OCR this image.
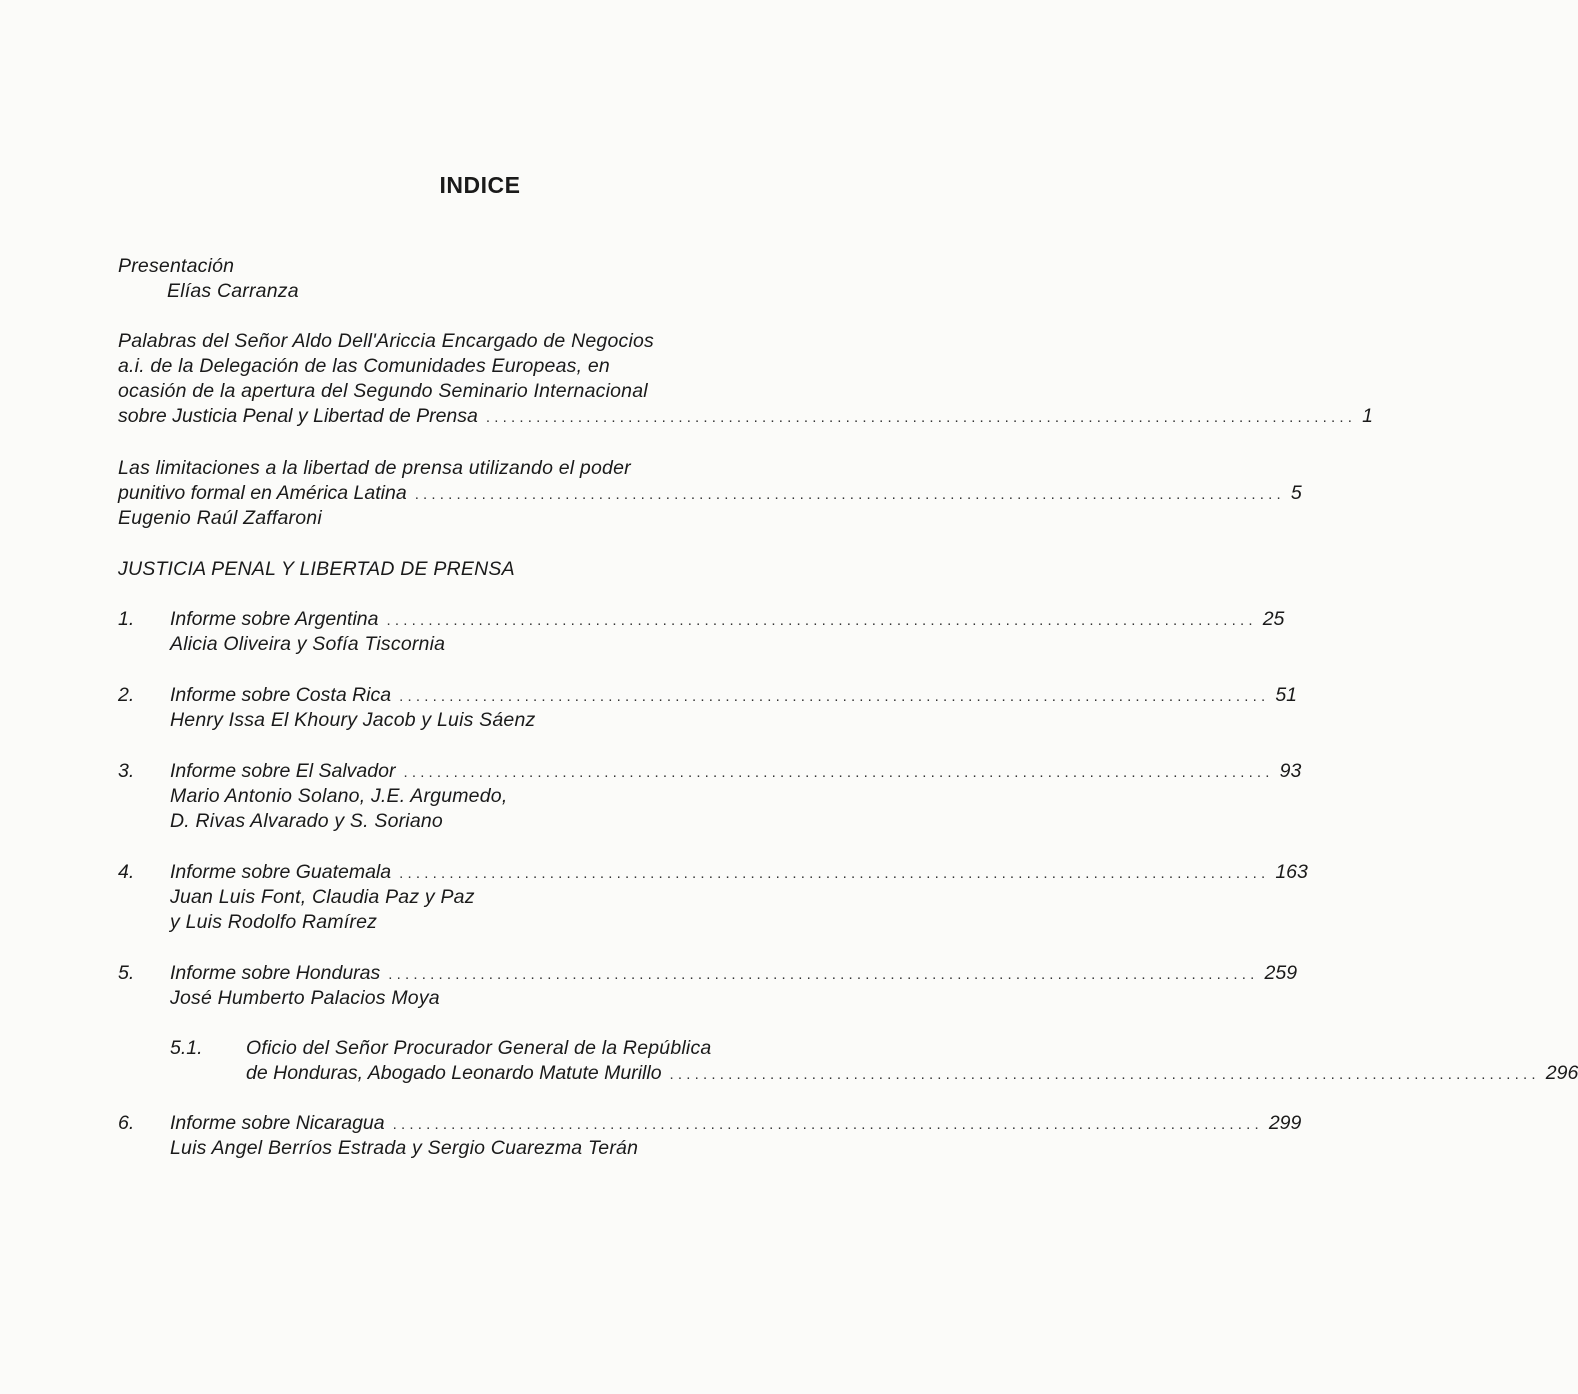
INDICE
Presentación
Elías Carranza
Palabras del Señor Aldo Dell'Ariccia Encargado de Negocios
a.i. de la Delegación de las Comunidades Europeas, en
ocasión de la apertura del Segundo Seminario Internacional
sobre Justicia Penal y Libertad de Prensa ........................................................................................................ 1
Las limitaciones a la libertad de prensa utilizando el poder
punitivo formal en América Latina ........................................................................................................ 5
Eugenio Raúl Zaffaroni
JUSTICIA PENAL Y LIBERTAD DE PRENSA
1. Informe sobre Argentina ........................................................................................................ 25
Alicia Oliveira y Sofía Tiscornia
2. Informe sobre Costa Rica ........................................................................................................ 51
Henry Issa El Khoury Jacob y Luis Sáenz
3. Informe sobre El Salvador ........................................................................................................ 93
Mario Antonio Solano, J.E. Argumedo,
D. Rivas Alvarado y S. Soriano
4. Informe sobre Guatemala ........................................................................................................ 163
Juan Luis Font, Claudia Paz y Paz
y Luis Rodolfo Ramírez
5. Informe sobre Honduras ........................................................................................................ 259
José Humberto Palacios Moya
5.1. Oficio del Señor Procurador General de la República
de Honduras, Abogado Leonardo Matute Murillo ........................................................................................................ 296
6. Informe sobre Nicaragua ........................................................................................................ 299
Luis Angel Berríos Estrada y Sergio Cuarezma Terán
